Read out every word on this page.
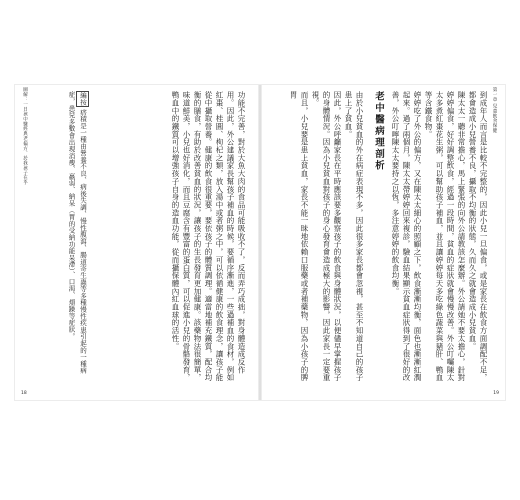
圖解：一日孩中醫經典老偏方．於我孩子在乎	功能不完善，對於大魚大肉的食品可能吸收不了，反而弄巧成拙，對身體造成反作用。因此，外公建議家長幫孩子補血的時候，要循序漸進，一些過補血的食材，例如紅棗、桂圓、枸杞之類，放入湯中或者粥之中，可以依循健康的飲食理念，讓孩子能從中攝取營養。健康的飲食很重要，要依孩子的體質調理。適當地補充鐵質，配合均衡的膳食，有助於改善貧血的狀況，讓孩子的生長發育更加健康。該藥物法很簡單，味道鮮美，小兒也好消化，而且豆腐含有豐富的蛋白質，可以促進小兒的骨骼發育，鴨血中的鐵質可以增強孩子自身的造血功能，從而攝保體內紅血球的活性。

編按痞積是一種由營養不良、病後失調、慢性腹瀉、腸道寄生蟲等多種慢性疾患引起的一種病症，患兒多數會出現消瘦、羸弱、納呆（胃的受納功能呆滯）、口渴、煩躁等症狀。
18
第一章 兒童飲食保健

到成年人而言是比較不完整的，因此小兒一旦偏食，或是家長在飲食方面調配不足，都會造成小兒營養不良，攝取不均衡的狀態，久而久之就會造成小兒貧血。

陳太太一聽非常擔心，馬上緊張的向外公請教該怎麼辦。外公請她不要太擔心，針對婷婷偏食，好好調整飲食，經過一段時間，貧血的症狀就會慢慢改善。外公叮囑陳太太多煮紅棗花生粥，可以幫助孩子補血，並且讓婷婷每天多吃綠色蔬菜與豬肝、鴨血等含鐵食物。

婷婷吃了外公的偏方，又在陳太太細心的照顧之下，飲食漸漸均衡，面色也漸漸紅潤起來。過了兩個月，陳太太帶婷婷回來複診，驗血結果顯示貧血症狀得到了很好的改善，外公叮嚀陳太太要持之以恆，多注意婷婷的飲食均衡。

老中醫病理剖析

由於小兒貧血的外在病症表現不多，因此很多家長都會忽視，甚至不知道自己的孩子患上了貧血。

因此，外公呼籲家長在平時應該要多觀察孩子的飲食與身體狀況，以便儘早掌握孩子的身體情況。因為小兒貧血對孩子的身心發育會造成極大的影響，因此家長一定要重視。

而且，小兒要是患上貧血，家長不能一昧地依賴口服藥或者補藥物，因為小孩子的脾胃

19
